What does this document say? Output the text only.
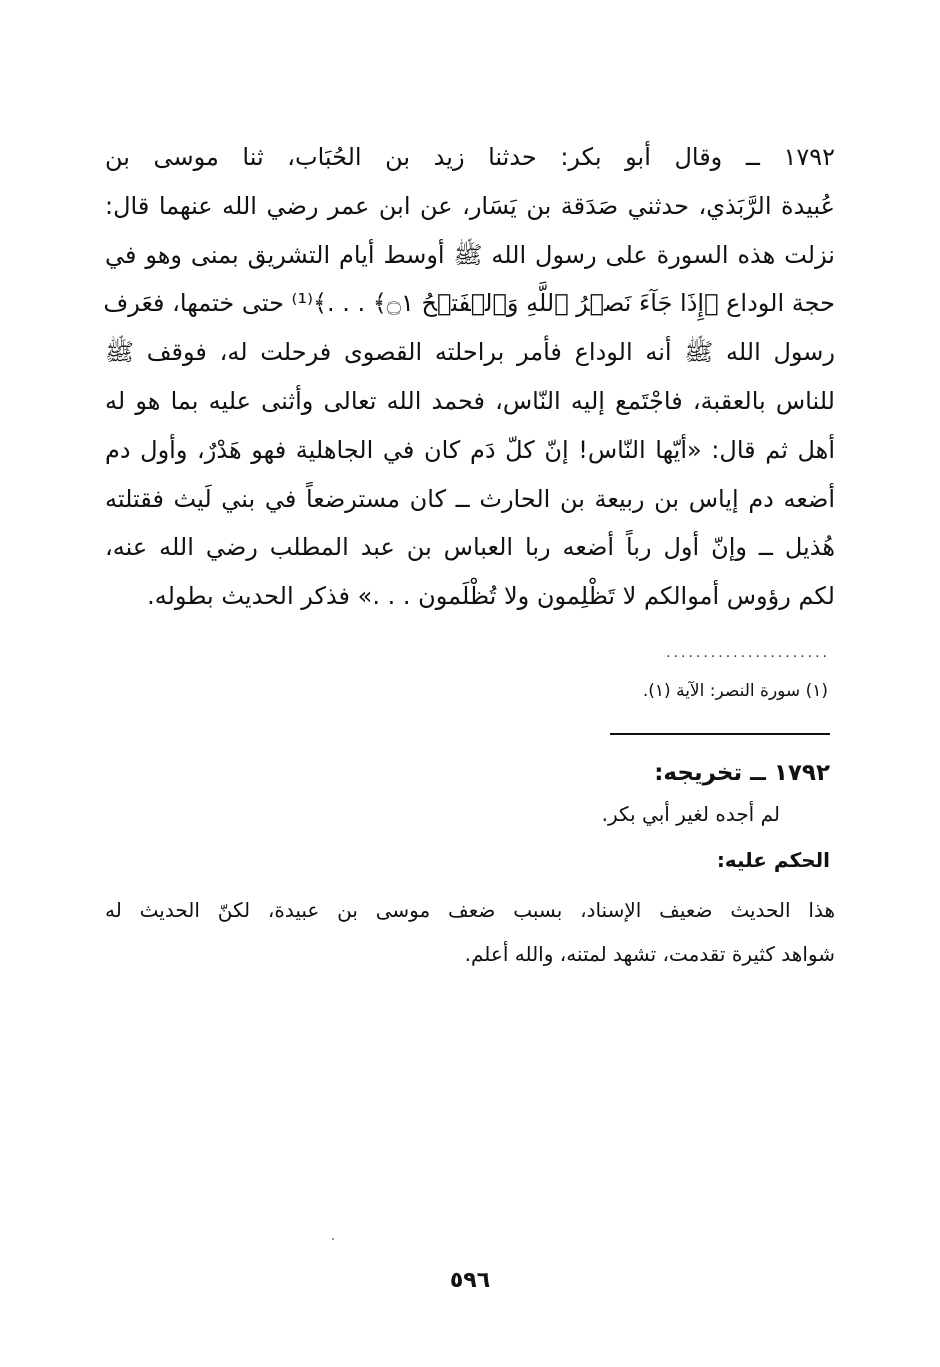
١٧٩٢ ــ وقال أبو بكر: حدثنا زيد بن الحُبَاب، ثنا موسى بن
عُبيدة الرَّبَذي، حدثني صَدَقة بن يَسَار، عن ابن عمر رضي الله عنهما قال:
نزلت هذه السورة على رسول الله ﷺ أوسط أيام التشريق بمنى وهو في
حجة الوداع ﴿إِذَا جَآءَ نَصۡرُ ٱللَّهِ وَٱلۡفَتۡحُ ۝١﴾ . . .﴾⁽¹⁾ حتى ختمها، فعَرف
رسول الله ﷺ أنه الوداع فأمر براحلته القصوى فرحلت له، فوقف ﷺ
للناس بالعقبة، فاجْتَمع إليه النّاس، فحمد الله تعالى وأثنى عليه بما هو له
أهل ثم قال: «أيّها النّاس! إنّ كلّ دَم كان في الجاهلية فهو هَدْرٌ، وأول دم
أضعه دم إياس بن ربيعة بن الحارث ــ كان مسترضعاً في بني لَيث فقتلته
هُذيل ــ وإنّ أول رباً أضعه ربا العباس بن عبد المطلب رضي الله عنه،
لكم رؤوس أموالكم لا تَظْلِمون ولا تُظْلَمون . . .» فذكر الحديث بطوله.
......................
(١) سورة النصر: الآية (١).
١٧٩٢ ــ تخريجه:
لم أجده لغير أبي بكر.
الحكم عليه:
هذا الحديث ضعيف الإسناد، بسبب ضعف موسى بن عبيدة، لكنّ الحديث له
شواهد كثيرة تقدمت، تشهد لمتنه، والله أعلم.
٥٩٦
